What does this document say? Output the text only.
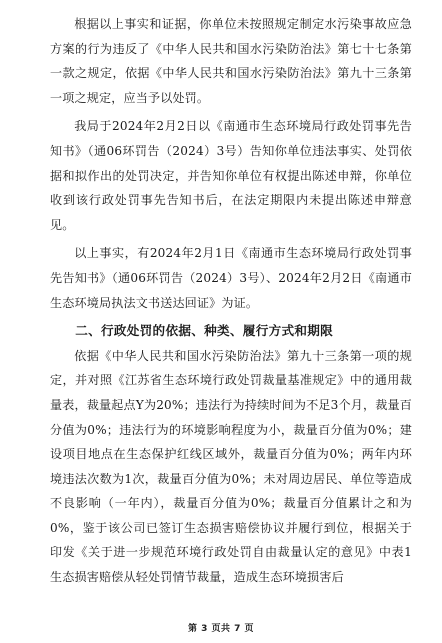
根据以上事实和证据，你单位未按照规定制定水污染事故应急方案的行为违反了《中华人民共和国水污染防治法》第七十七条第一款之规定，依据《中华人民共和国水污染防治法》第九十三条第一项之规定，应当予以处罚。

我局于2024年2月2日以《南通市生态环境局行政处罚事先告知书》（通06环罚告（2024）3号）告知你单位违法事实、处罚依据和拟作出的处罚决定，并告知你单位有权提出陈述申辩，你单位收到该行政处罚事先告知书后，在法定期限内未提出陈述申辩意见。

以上事实，有2024年2月1日《南通市生态环境局行政处罚事先告知书》（通06环罚告（2024）3号）、2024年2月2日《南通市生态环境局执法文书送达回证》为证。

二、行政处罚的依据、种类、履行方式和期限

依据《中华人民共和国水污染防治法》第九十三条第一项的规定，并对照《江苏省生态环境行政处罚裁量基准规定》中的通用裁量表，裁量起点Y为20%；违法行为持续时间为不足3个月，裁量百分值为0%；违法行为的环境影响程度为小，裁量百分值为0%；建设项目地点在生态保护红线区域外，裁量百分值为0%；两年内环境违法次数为1次，裁量百分值为0%；未对周边居民、单位等造成不良影响（一年内），裁量百分值为0%；裁量百分值累计之和为0%，鉴于该公司已签订生态损害赔偿协议并履行到位，根据关于印发《关于进一步规范环境行政处罚自由裁量认定的意见》中表1生态损害赔偿从轻处罚情节裁量，造成生态环境损害后

第 3 页共 7 页
